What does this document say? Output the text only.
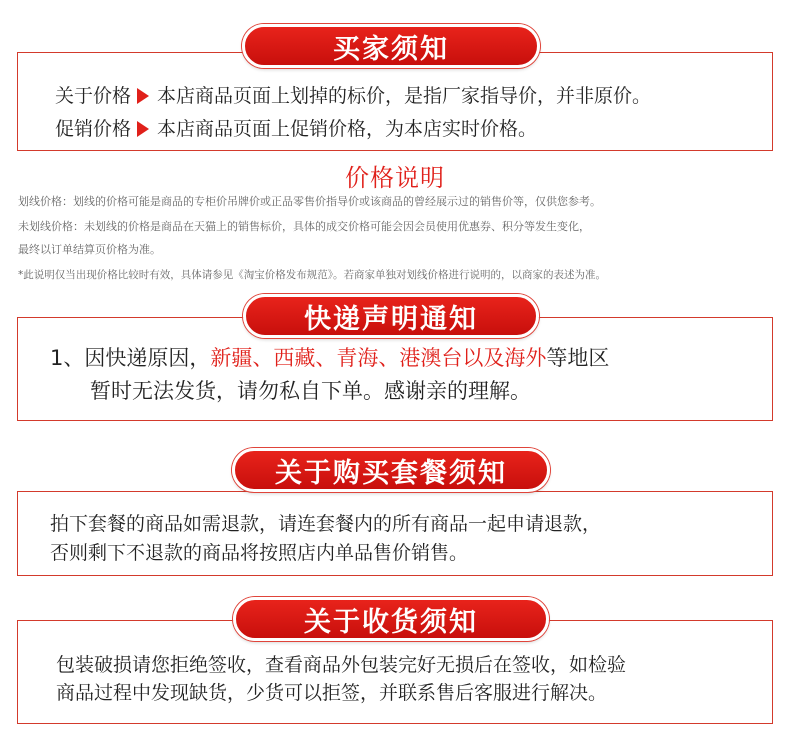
买家须知
关于价格 本店商品页面上划掉的标价，是指厂家指导价，并非原价。
促销价格 本店商品页面上促销价格，为本店实时价格。
价格说明
划线价格：划线的价格可能是商品的专柜价吊牌价或正品零售价指导价或该商品的曾经展示过的销售价等，仅供您参考。
未划线价格：未划线的价格是商品在天猫上的销售标价，具体的成交价格可能会因会员使用优惠券、积分等发生变化，
最终以订单结算页价格为准。
*此说明仅当出现价格比较时有效，具体请参见《淘宝价格发布规范》。若商家单独对划线价格进行说明的，以商家的表述为准。
快递声明通知
1、因快递原因，新疆、西藏、青海、港澳台以及海外等地区
暂时无法发货，请勿私自下单。感谢亲的理解。
关于购买套餐须知
拍下套餐的商品如需退款，请连套餐内的所有商品一起申请退款，
否则剩下不退款的商品将按照店内单品售价销售。
关于收货须知
包装破损请您拒绝签收，查看商品外包装完好无损后在签收，如检验
商品过程中发现缺货，少货可以拒签，并联系售后客服进行解决。
